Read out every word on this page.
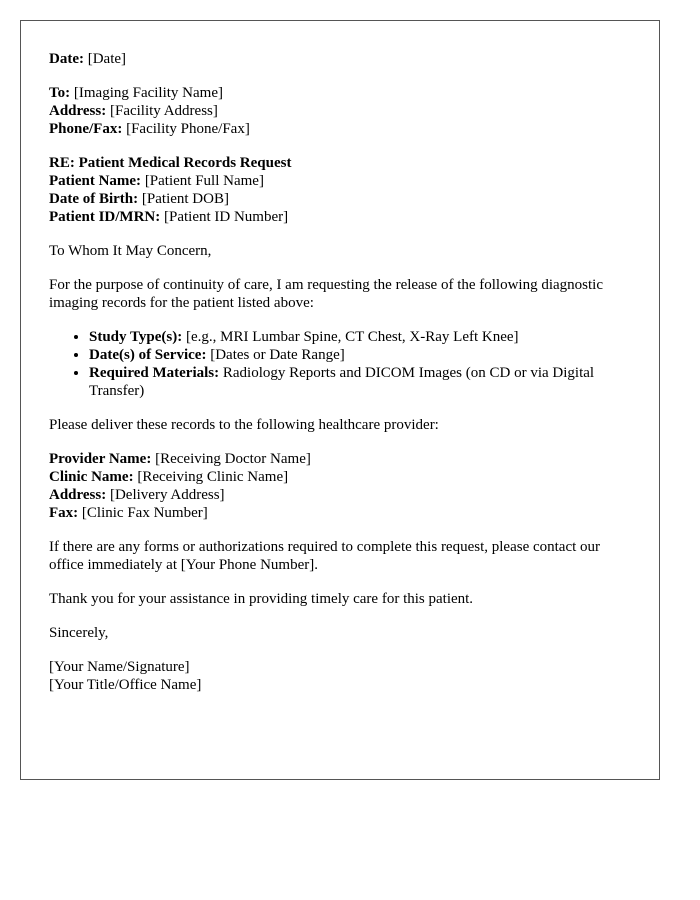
Date: [Date]
To: [Imaging Facility Name]
Address: [Facility Address]
Phone/Fax: [Facility Phone/Fax]
RE: Patient Medical Records Request
Patient Name: [Patient Full Name]
Date of Birth: [Patient DOB]
Patient ID/MRN: [Patient ID Number]

To Whom It May Concern,

For the purpose of continuity of care, I am requesting the release of the following diagnostic imaging records for the patient listed above:

• Study Type(s): [e.g., MRI Lumbar Spine, CT Chest, X-Ray Left Knee]
• Date(s) of Service: [Dates or Date Range]
• Required Materials: Radiology Reports and DICOM Images (on CD or via Digital Transfer)

Please deliver these records to the following healthcare provider:

Provider Name: [Receiving Doctor Name]
Clinic Name: [Receiving Clinic Name]
Address: [Delivery Address]
Fax: [Clinic Fax Number]

If there are any forms or authorizations required to complete this request, please contact our office immediately at [Your Phone Number].

Thank you for your assistance in providing timely care for this patient.

Sincerely,

[Your Name/Signature]
[Your Title/Office Name]
